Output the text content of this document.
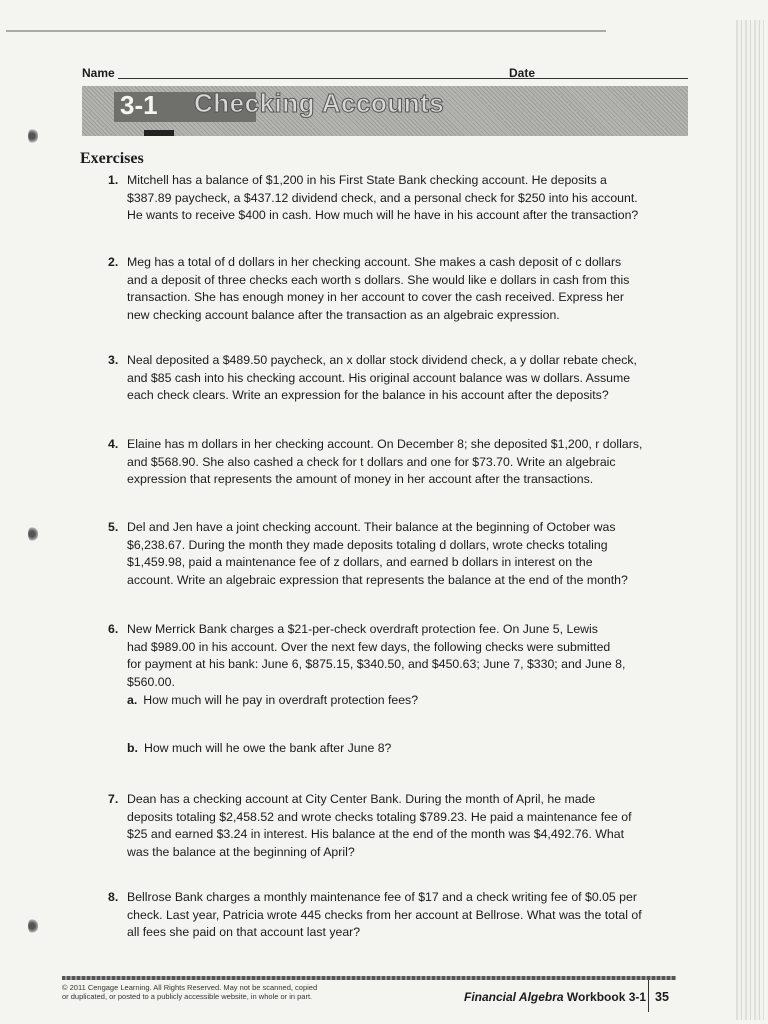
Name	Date
3-1 Checking Accounts
Exercises
1. Mitchell has a balance of $1,200 in his First State Bank checking account. He deposits a
$387.89 paycheck, a $437.12 dividend check, and a personal check for $250 into his account.
He wants to receive $400 in cash. How much will he have in his account after the transaction?
2. Meg has a total of d dollars in her checking account. She makes a cash deposit of c dollars
and a deposit of three checks each worth s dollars. She would like e dollars in cash from this
transaction. She has enough money in her account to cover the cash received. Express her
new checking account balance after the transaction as an algebraic expression.
3. Neal deposited a $489.50 paycheck, an x dollar stock dividend check, a y dollar rebate check,
and $85 cash into his checking account. His original account balance was w dollars. Assume
each check clears. Write an expression for the balance in his account after the deposits?
4. Elaine has m dollars in her checking account. On December 8; she deposited $1,200, r dollars,
and $568.90. She also cashed a check for t dollars and one for $73.70. Write an algebraic
expression that represents the amount of money in her account after the transactions.
5. Del and Jen have a joint checking account. Their balance at the beginning of October was
$6,238.67. During the month they made deposits totaling d dollars, wrote checks totaling
$1,459.98, paid a maintenance fee of z dollars, and earned b dollars in interest on the
account. Write an algebraic expression that represents the balance at the end of the month?
6. New Merrick Bank charges a $21-per-check overdraft protection fee. On June 5, Lewis
had $989.00 in his account. Over the next few days, the following checks were submitted
for payment at his bank: June 6, $875.15, $340.50, and $450.63; June 7, $330; and June 8,
$560.00.
7. Dean has a checking account at City Center Bank. During the month of April, he made
deposits totaling $2,458.52 and wrote checks totaling $789.23. He paid a maintenance fee of
$25 and earned $3.24 in interest. His balance at the end of the month was $4,492.76. What
was the balance at the beginning of April?
8. Bellrose Bank charges a monthly maintenance fee of $17 and a check writing fee of $0.05 per
check. Last year, Patricia wrote 445 checks from her account at Bellrose. What was the total of
all fees she paid on that account last year?
a. How much will he pay in overdraft protection fees?
b. How much will he owe the bank after June 8?
© 2011 Cengage Learning. All Rights Reserved. May not be scanned, copied
or duplicated, or posted to a publicly accessible website, in whole or in part.	Financial Algebra Workbook 3-1 35
